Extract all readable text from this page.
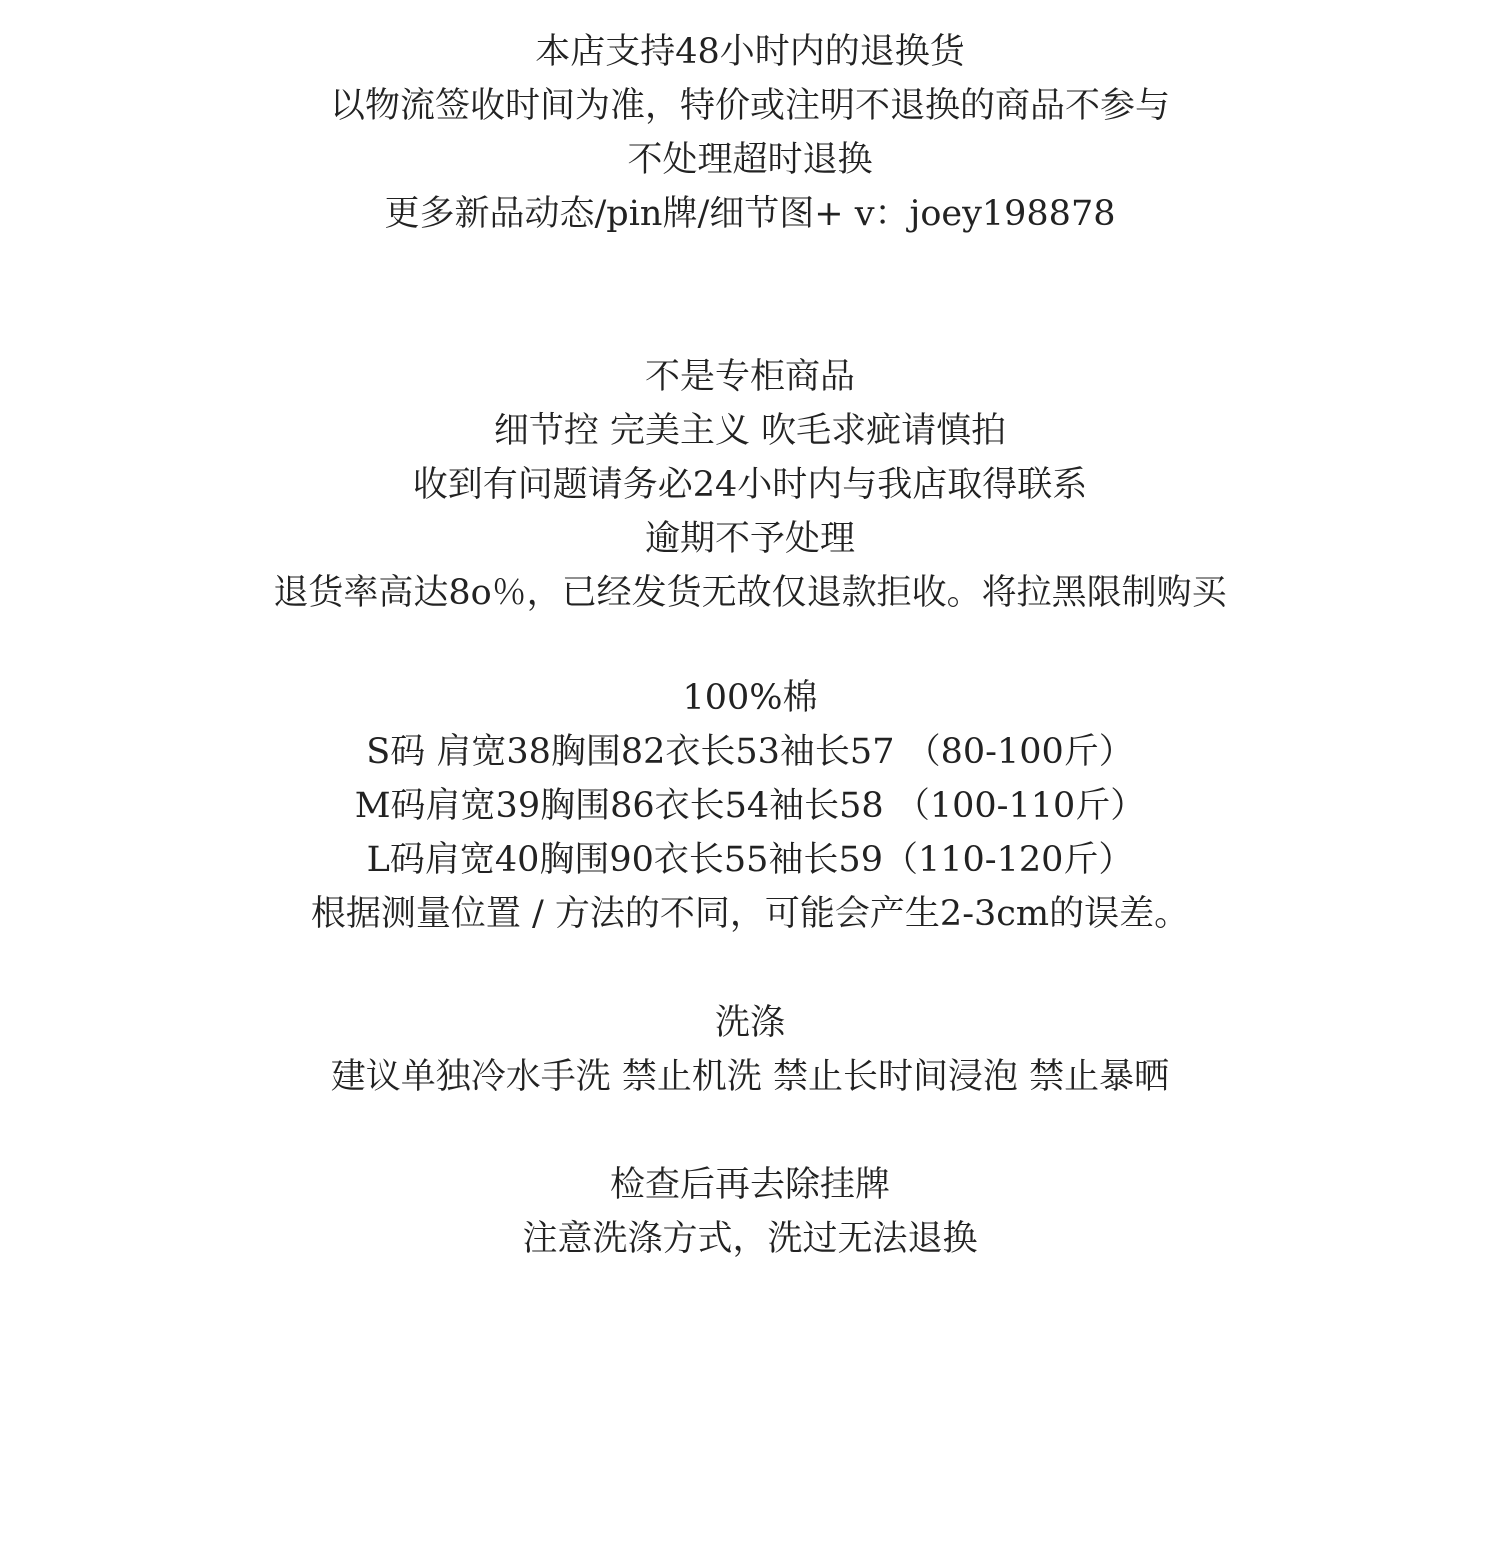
本店支持48小时内的退换货
以物流签收时间为准，特价或注明不退换的商品不参与
不处理超时退换
更多新品动态/pin牌/细节图+ v：joey198878
不是专柜商品
细节控 完美主义 吹毛求疵请慎拍
收到有问题请务必24小时内与我店取得联系
逾期不予处理
退货率高达8o％，已经发货无故仅退款拒收。将拉黑限制购买
100%棉
S码 肩宽38胸围82衣长53袖长57 （80-100斤）
M码肩宽39胸围86衣长54袖长58 （100-110斤）
L码肩宽40胸围90衣长55袖长59（110-120斤）
根据测量位置 / 方法的不同，可能会产生2-3cm的误差。
洗涤
建议单独冷水手洗 禁止机洗 禁止长时间浸泡 禁止暴晒
检查后再去除挂牌
注意洗涤方式，洗过无法退换
